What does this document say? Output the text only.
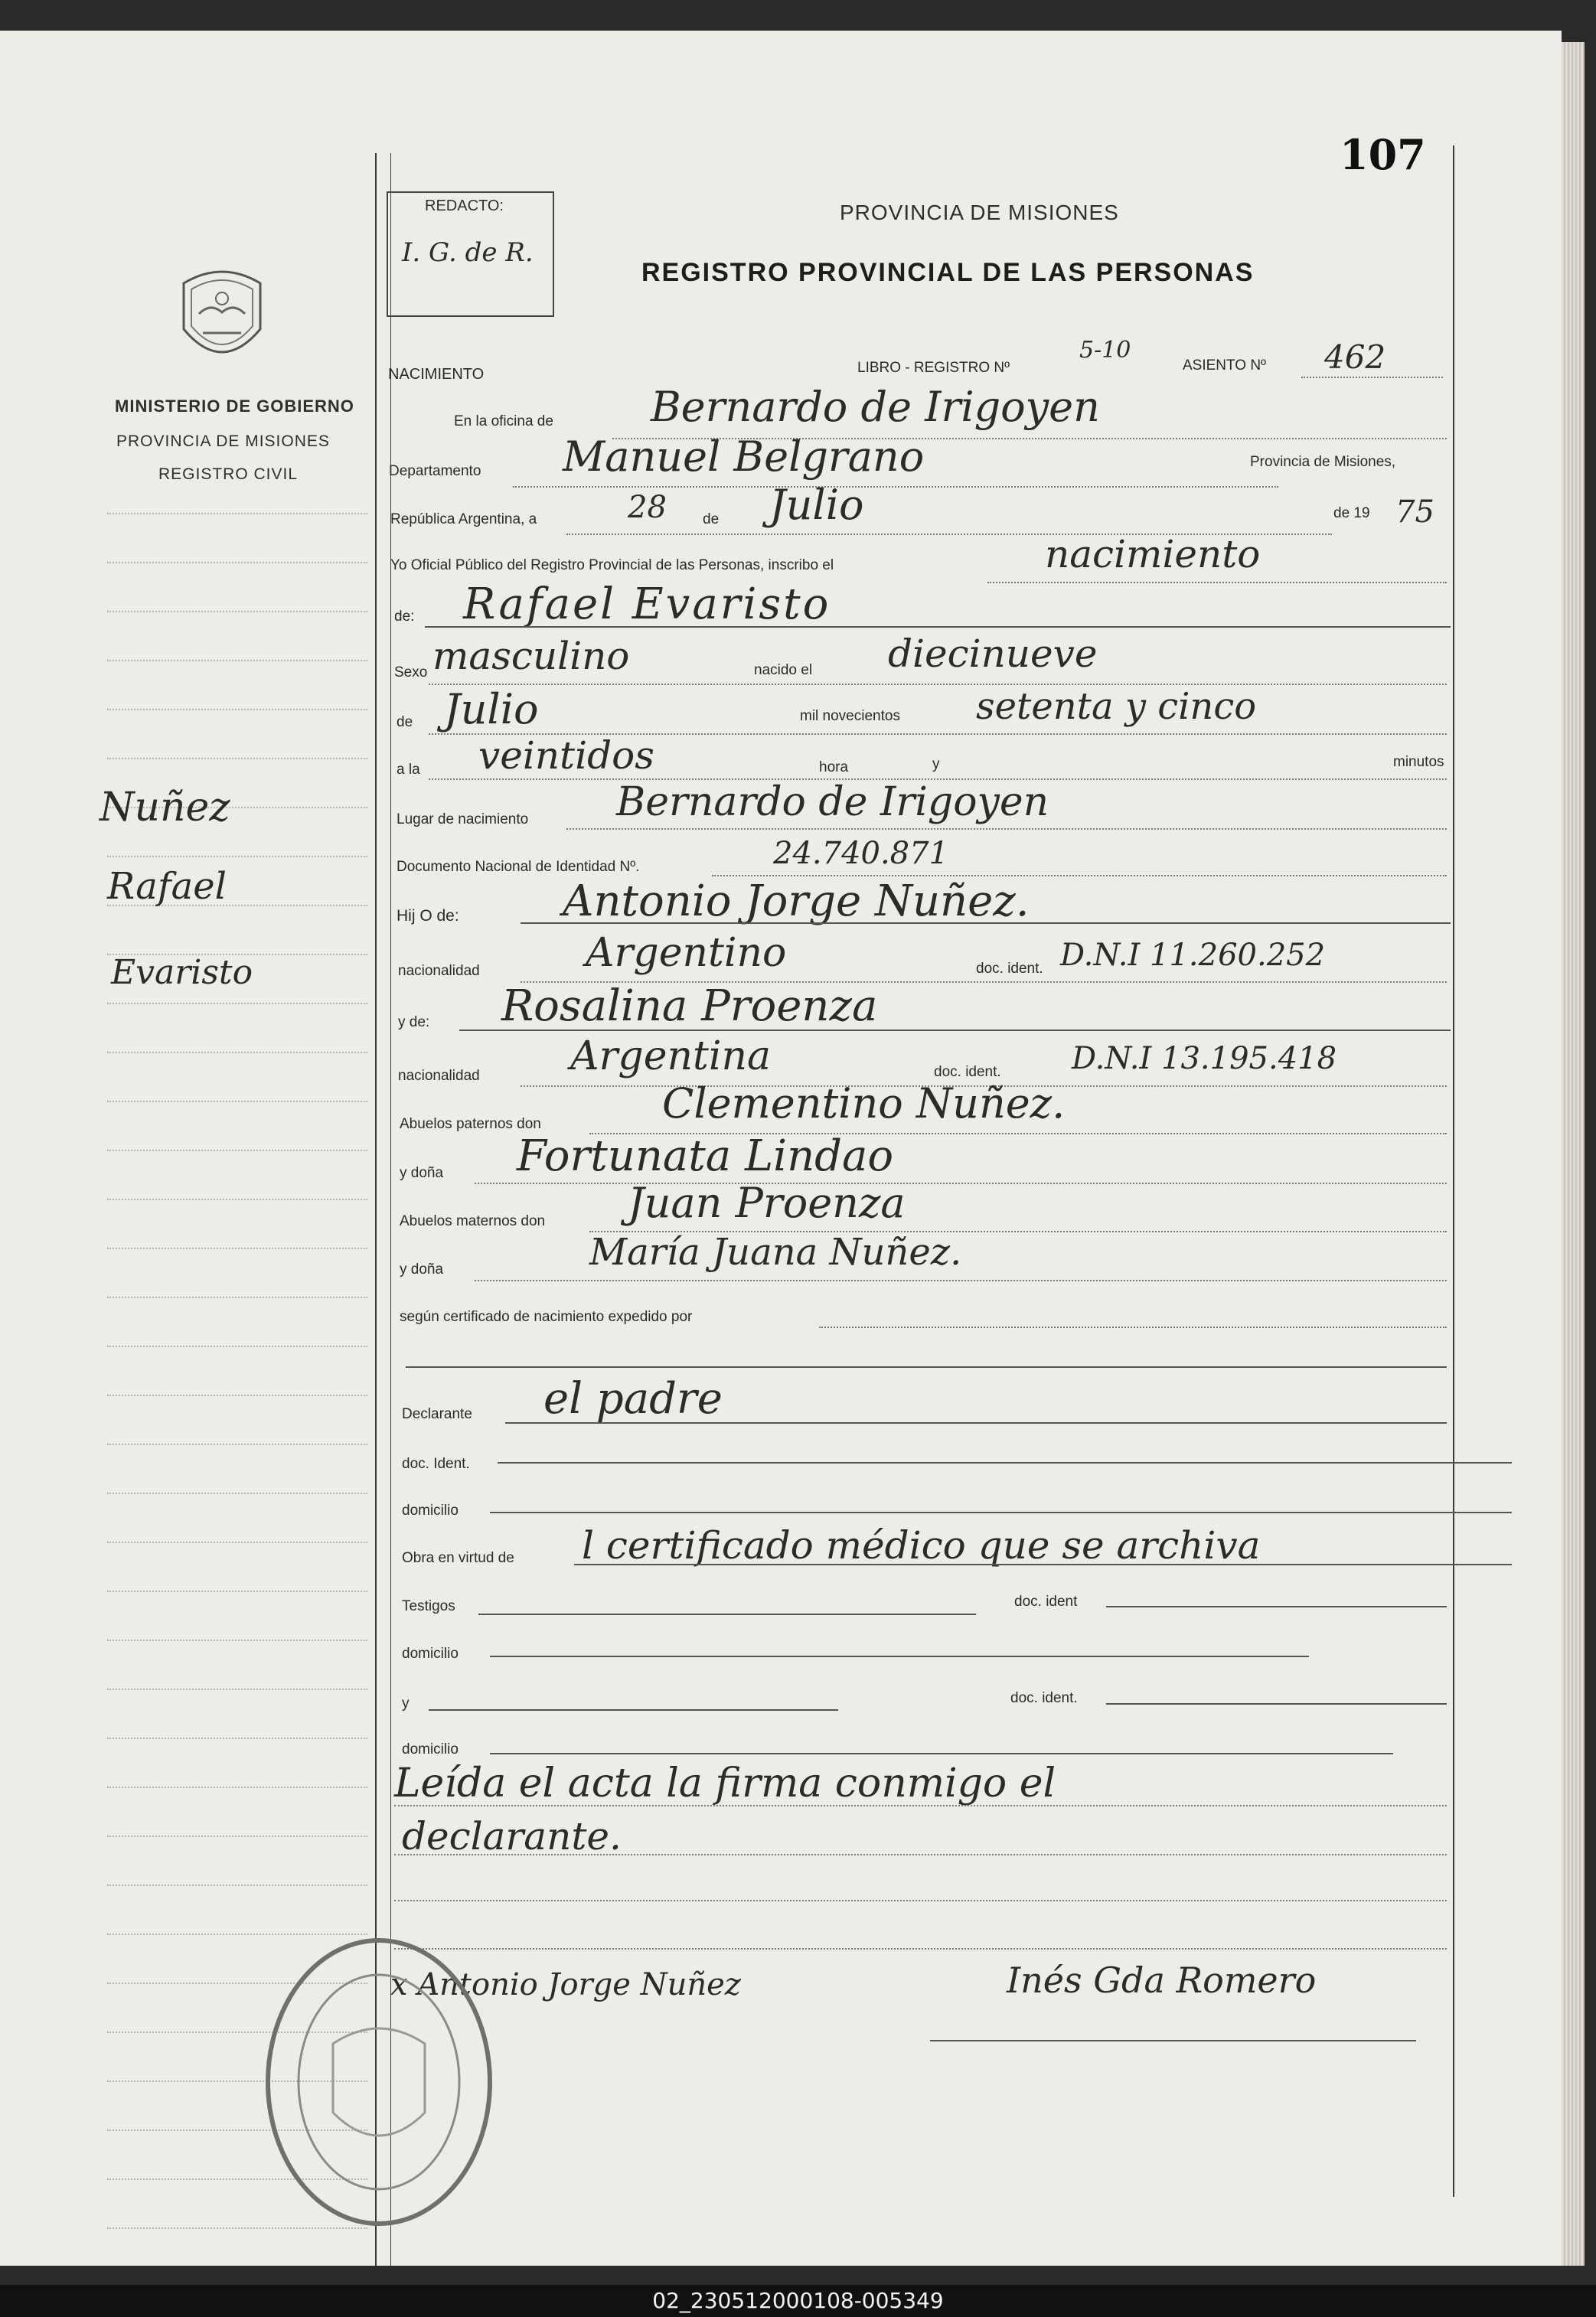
107
REDACTO:
I. G. de R.
PROVINCIA DE MISIONES
REGISTRO PROVINCIAL DE LAS PERSONAS
MINISTERIO DE GOBIERNO
PROVINCIA DE MISIONES
REGISTRO CIVIL
Nuñez
Rafael
Evaristo
NACIMIENTO	LIBRO - REGISTRO Nº
5-10
ASIENTO Nº 462
En la oficina de Bernardo de Irigoyen
Departamento Manuel Belgrano	Provincia de Misiones,
República Argentina, a	28 de Julio	de 19 75
Yo Oficial Público del Registro Provincial de las Personas, inscribo el	nacimiento
de: Rafael Evaristo
Sexo masculino	nacido el diecinueve
de Julio	mil novecientos setenta y cinco
a la veintidos	hora	y	minutos
Lugar de nacimiento Bernardo de Irigoyen
Documento Nacional de Identidad Nº.	24.740.871
Hij O de: Antonio Jorge Nuñez.
nacionalidad	Argentino	doc. ident. D.N.I 11.260.252
y de: Rosalina Proenza
nacionalidad Argentina	doc. ident. D.N.I 13.195.418
Abuelos paternos don	Clementino Nuñez.
y doña Fortunata Lindao
Abuelos maternos don Juan Proenza
y doña	María Juana Nuñez.
según certificado de nacimiento expedido por
Declarante el padre
doc. Ident.
domicilio
Obra en virtud de l certificado médico que se archiva
Testigos	doc. ident
domicilio
y	doc. ident.
domicilio
Leída el acta la firma conmigo el
declarante.
x Antonio Jorge Nuñez	Inés Gda Romero
02_230512000108-005349
